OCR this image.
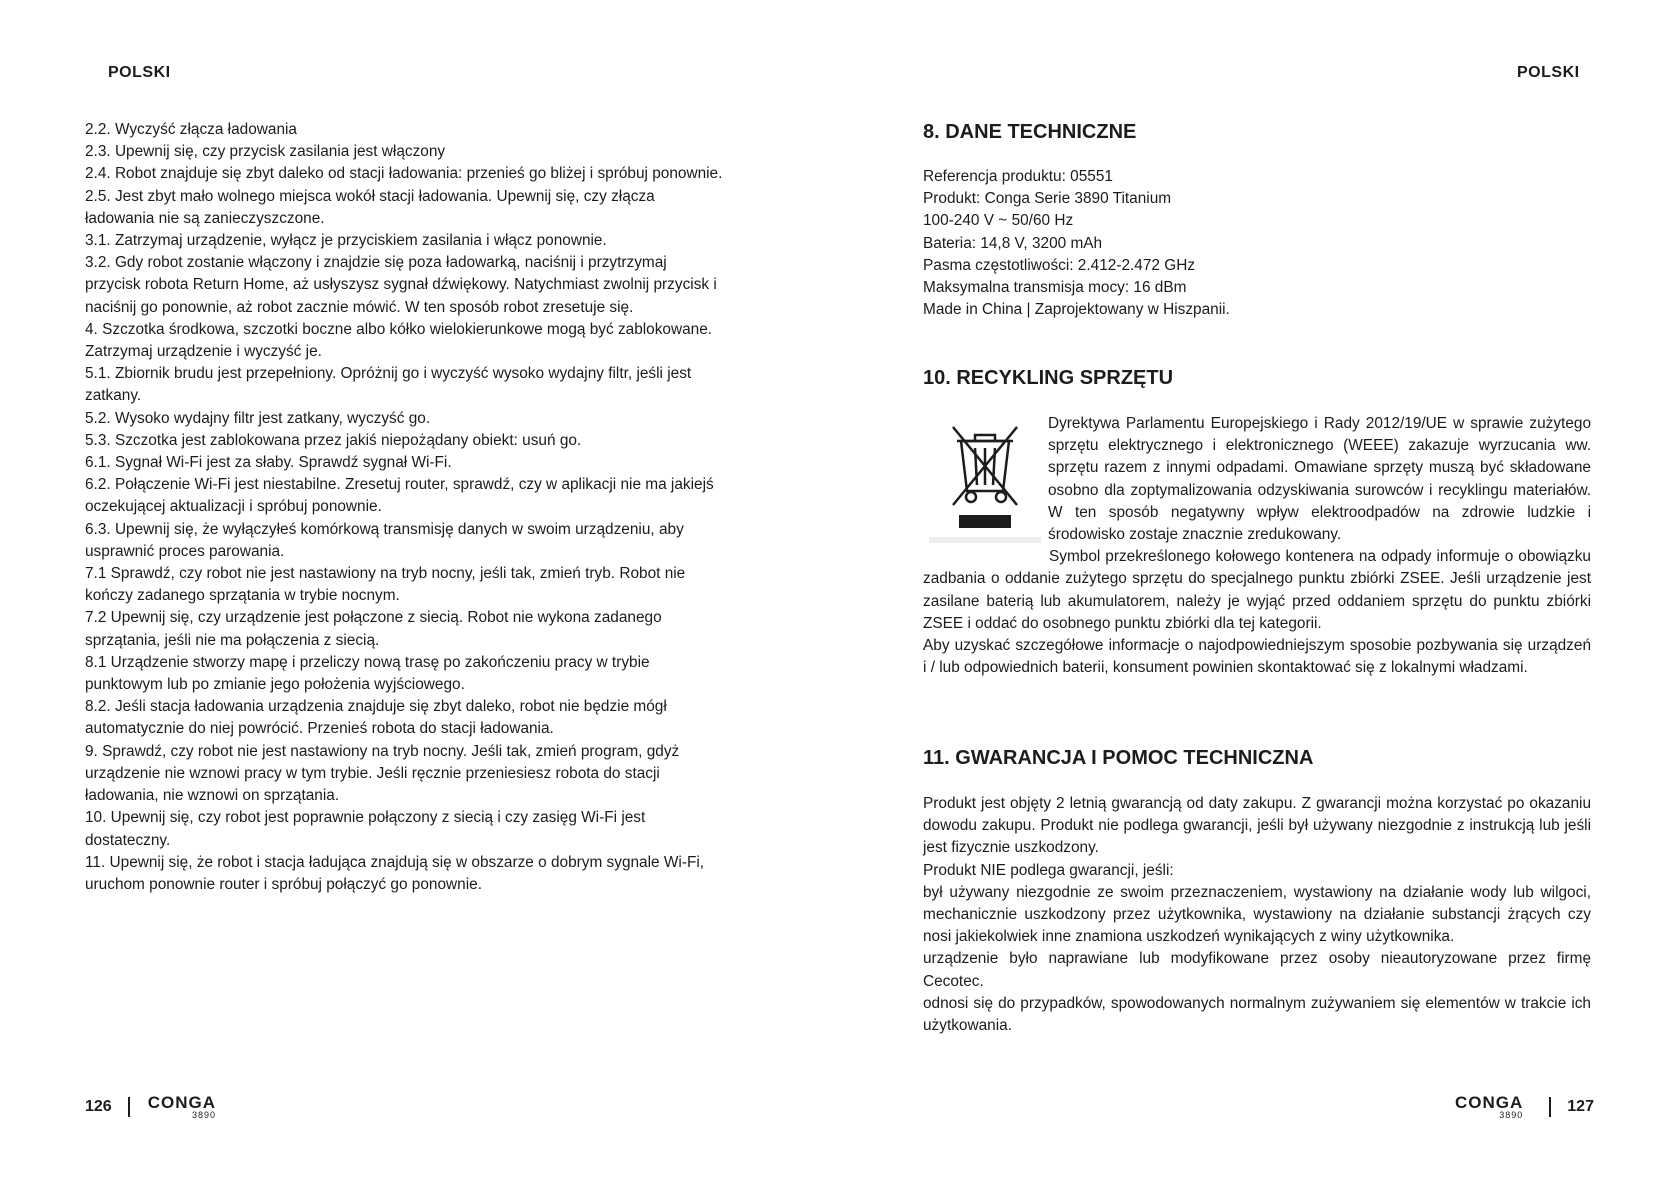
POLSKI	POLSKI

2.2. Wyczyść złącza ładowania

2.3. Upewnij się, czy przycisk zasilania jest włączony

2.4. Robot znajduje się zbyt daleko od stacji ładowania: przenieś go bliżej i spróbuj ponownie.

2.5. Jest zbyt mało wolnego miejsca wokół stacji ładowania. Upewnij się, czy złącza

ładowania nie są zanieczyszczone.

3.1. Zatrzymaj urządzenie, wyłącz je przyciskiem zasilania i włącz ponownie.

3.2. Gdy robot zostanie włączony i znajdzie się poza ładowarką, naciśnij i przytrzymaj

przycisk robota Return Home, aż usłyszysz sygnał dźwiękowy. Natychmiast zwolnij przycisk i

naciśnij go ponownie, aż robot zacznie mówić. W ten sposób robot zresetuje się.

4. Szczotka środkowa, szczotki boczne albo kółko wielokierunkowe mogą być zablokowane.

Zatrzymaj urządzenie i wyczyść je.

5.1. Zbiornik brudu jest przepełniony. Opróżnij go i wyczyść wysoko wydajny filtr, jeśli jest

zatkany.

5.2. Wysoko wydajny filtr jest zatkany, wyczyść go.

5.3. Szczotka jest zablokowana przez jakiś niepożądany obiekt: usuń go.

6.1. Sygnał Wi-Fi jest za słaby. Sprawdź sygnał Wi-Fi.

6.2. Połączenie Wi-Fi jest niestabilne. Zresetuj router, sprawdź, czy w aplikacji nie ma jakiejś

oczekującej aktualizacji i spróbuj ponownie.

6.3. Upewnij się, że wyłączyłeś komórkową transmisję danych w swoim urządzeniu, aby

usprawnić proces parowania.

7.1 Sprawdź, czy robot nie jest nastawiony na tryb nocny, jeśli tak, zmień tryb. Robot nie

kończy zadanego sprzątania w trybie nocnym.

7.2 Upewnij się, czy urządzenie jest połączone z siecią. Robot nie wykona zadanego

sprzątania, jeśli nie ma połączenia z siecią.

8.1 Urządzenie stworzy mapę i przeliczy nową trasę po zakończeniu pracy w trybie

punktowym lub po zmianie jego położenia wyjściowego.

8.2. Jeśli stacja ładowania urządzenia znajduje się zbyt daleko, robot nie będzie mógł

automatycznie do niej powrócić. Przenieś robota do stacji ładowania.

9. Sprawdź, czy robot nie jest nastawiony na tryb nocny. Jeśli tak, zmień program, gdyż

urządzenie nie wznowi pracy w tym trybie. Jeśli ręcznie przeniesiesz robota do stacji

ładowania, nie wznowi on sprzątania.

10. Upewnij się, czy robot jest poprawnie połączony z siecią i czy zasięg Wi-Fi jest

dostateczny.

11. Upewnij się, że robot i stacja ładująca znajdują się w obszarze o dobrym sygnale Wi-Fi,

uruchom ponownie router i spróbuj połączyć go ponownie.

8. DANE TECHNICZNE

Referencja produktu: 05551

Produkt: Conga Serie 3890 Titanium

100-240 V ~ 50/60 Hz

Bateria: 14,8 V, 3200 mAh

Pasma częstotliwości: 2.412-2.472 GHz

Maksymalna transmisja mocy: 16 dBm

Made in China | Zaprojektowany w Hiszpanii.

10. RECYKLING SPRZĘTU

Dyrektywa Parlamentu Europejskiego i Rady 2012/19/UE w sprawie zużytego sprzętu elektrycznego i elektronicznego (WEEE) zakazuje wyrzucania ww. sprzętu razem z innymi odpadami. Omawiane sprzęty muszą być składowane osobno dla zoptymalizowania odzyskiwania surowców i recyklingu materiałów. W ten sposób negatywny wpływ elektroodpadów na zdrowie ludzkie i środowisko zostaje znacznie zredukowany.

Symbol przekreślonego kołowego kontenera na odpady informuje o obowiązku zadbania o oddanie zużytego sprzętu do specjalnego punktu zbiórki ZSEE. Jeśli urządzenie jest zasilane baterią lub akumulatorem, należy je wyjąć przed oddaniem sprzętu do punktu zbiórki ZSEE i oddać do osobnego punktu zbiórki dla tej kategorii.

Aby uzyskać szczegółowe informacje o najodpowiedniejszym sposobie pozbywania się urządzeń i / lub odpowiednich baterii, konsument powinien skontaktować się z lokalnymi władzami.

11. GWARANCJA I POMOC TECHNICZNA

Produkt jest objęty 2 letnią gwarancją od daty zakupu. Z gwarancji można korzystać po okazaniu dowodu zakupu. Produkt nie podlega gwarancji, jeśli był używany niezgodnie z instrukcją lub jeśli jest fizycznie uszkodzony.

Produkt NIE podlega gwarancji, jeśli:

był używany niezgodnie ze swoim przeznaczeniem, wystawiony na działanie wody lub wilgoci, mechanicznie uszkodzony przez użytkownika, wystawiony na działanie substancji żrących czy nosi jakiekolwiek inne znamiona uszkodzeń wynikających z winy użytkownika.

urządzenie było naprawiane lub modyfikowane przez osoby nieautoryzowane przez firmę Cecotec.

odnosi się do przypadków, spowodowanych normalnym zużywaniem się elementów w trakcie ich użytkowania.

126 CONGA
3890
CONGA
3890	127
